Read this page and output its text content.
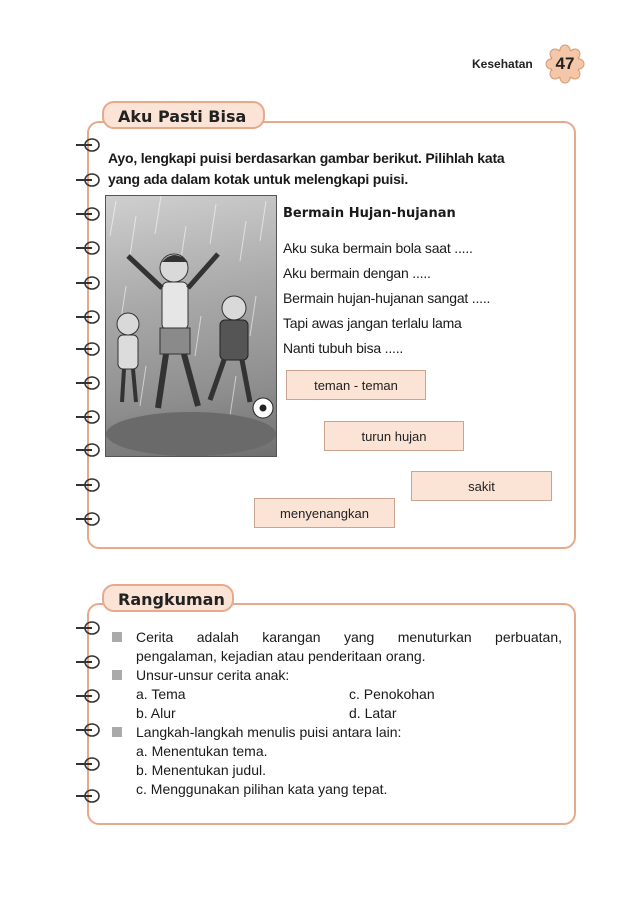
Kesehatan	47
Aku Pasti Bisa
Ayo, lengkapi puisi berdasarkan gambar berikut. Pilihlah kata
yang ada dalam kotak untuk melengkapi puisi.
Bermain Hujan-hujanan
Aku suka bermain bola saat .....
Aku bermain dengan .....
Bermain hujan-hujanan sangat .....
Tapi awas jangan terlalu lama
Nanti tubuh bisa .....
teman - teman
turun hujan
sakit
menyenangkan
Rangkuman
Cerita adalah karangan yang menuturkan perbuatan,
pengalaman, kejadian atau penderitaan orang.
Unsur-unsur cerita anak:
a. Tema	c. Penokohan
b. Alur	d. Latar
Langkah-langkah menulis puisi antara lain:
a. Menentukan tema.
b. Menentukan judul.
c. Menggunakan pilihan kata yang tepat.
